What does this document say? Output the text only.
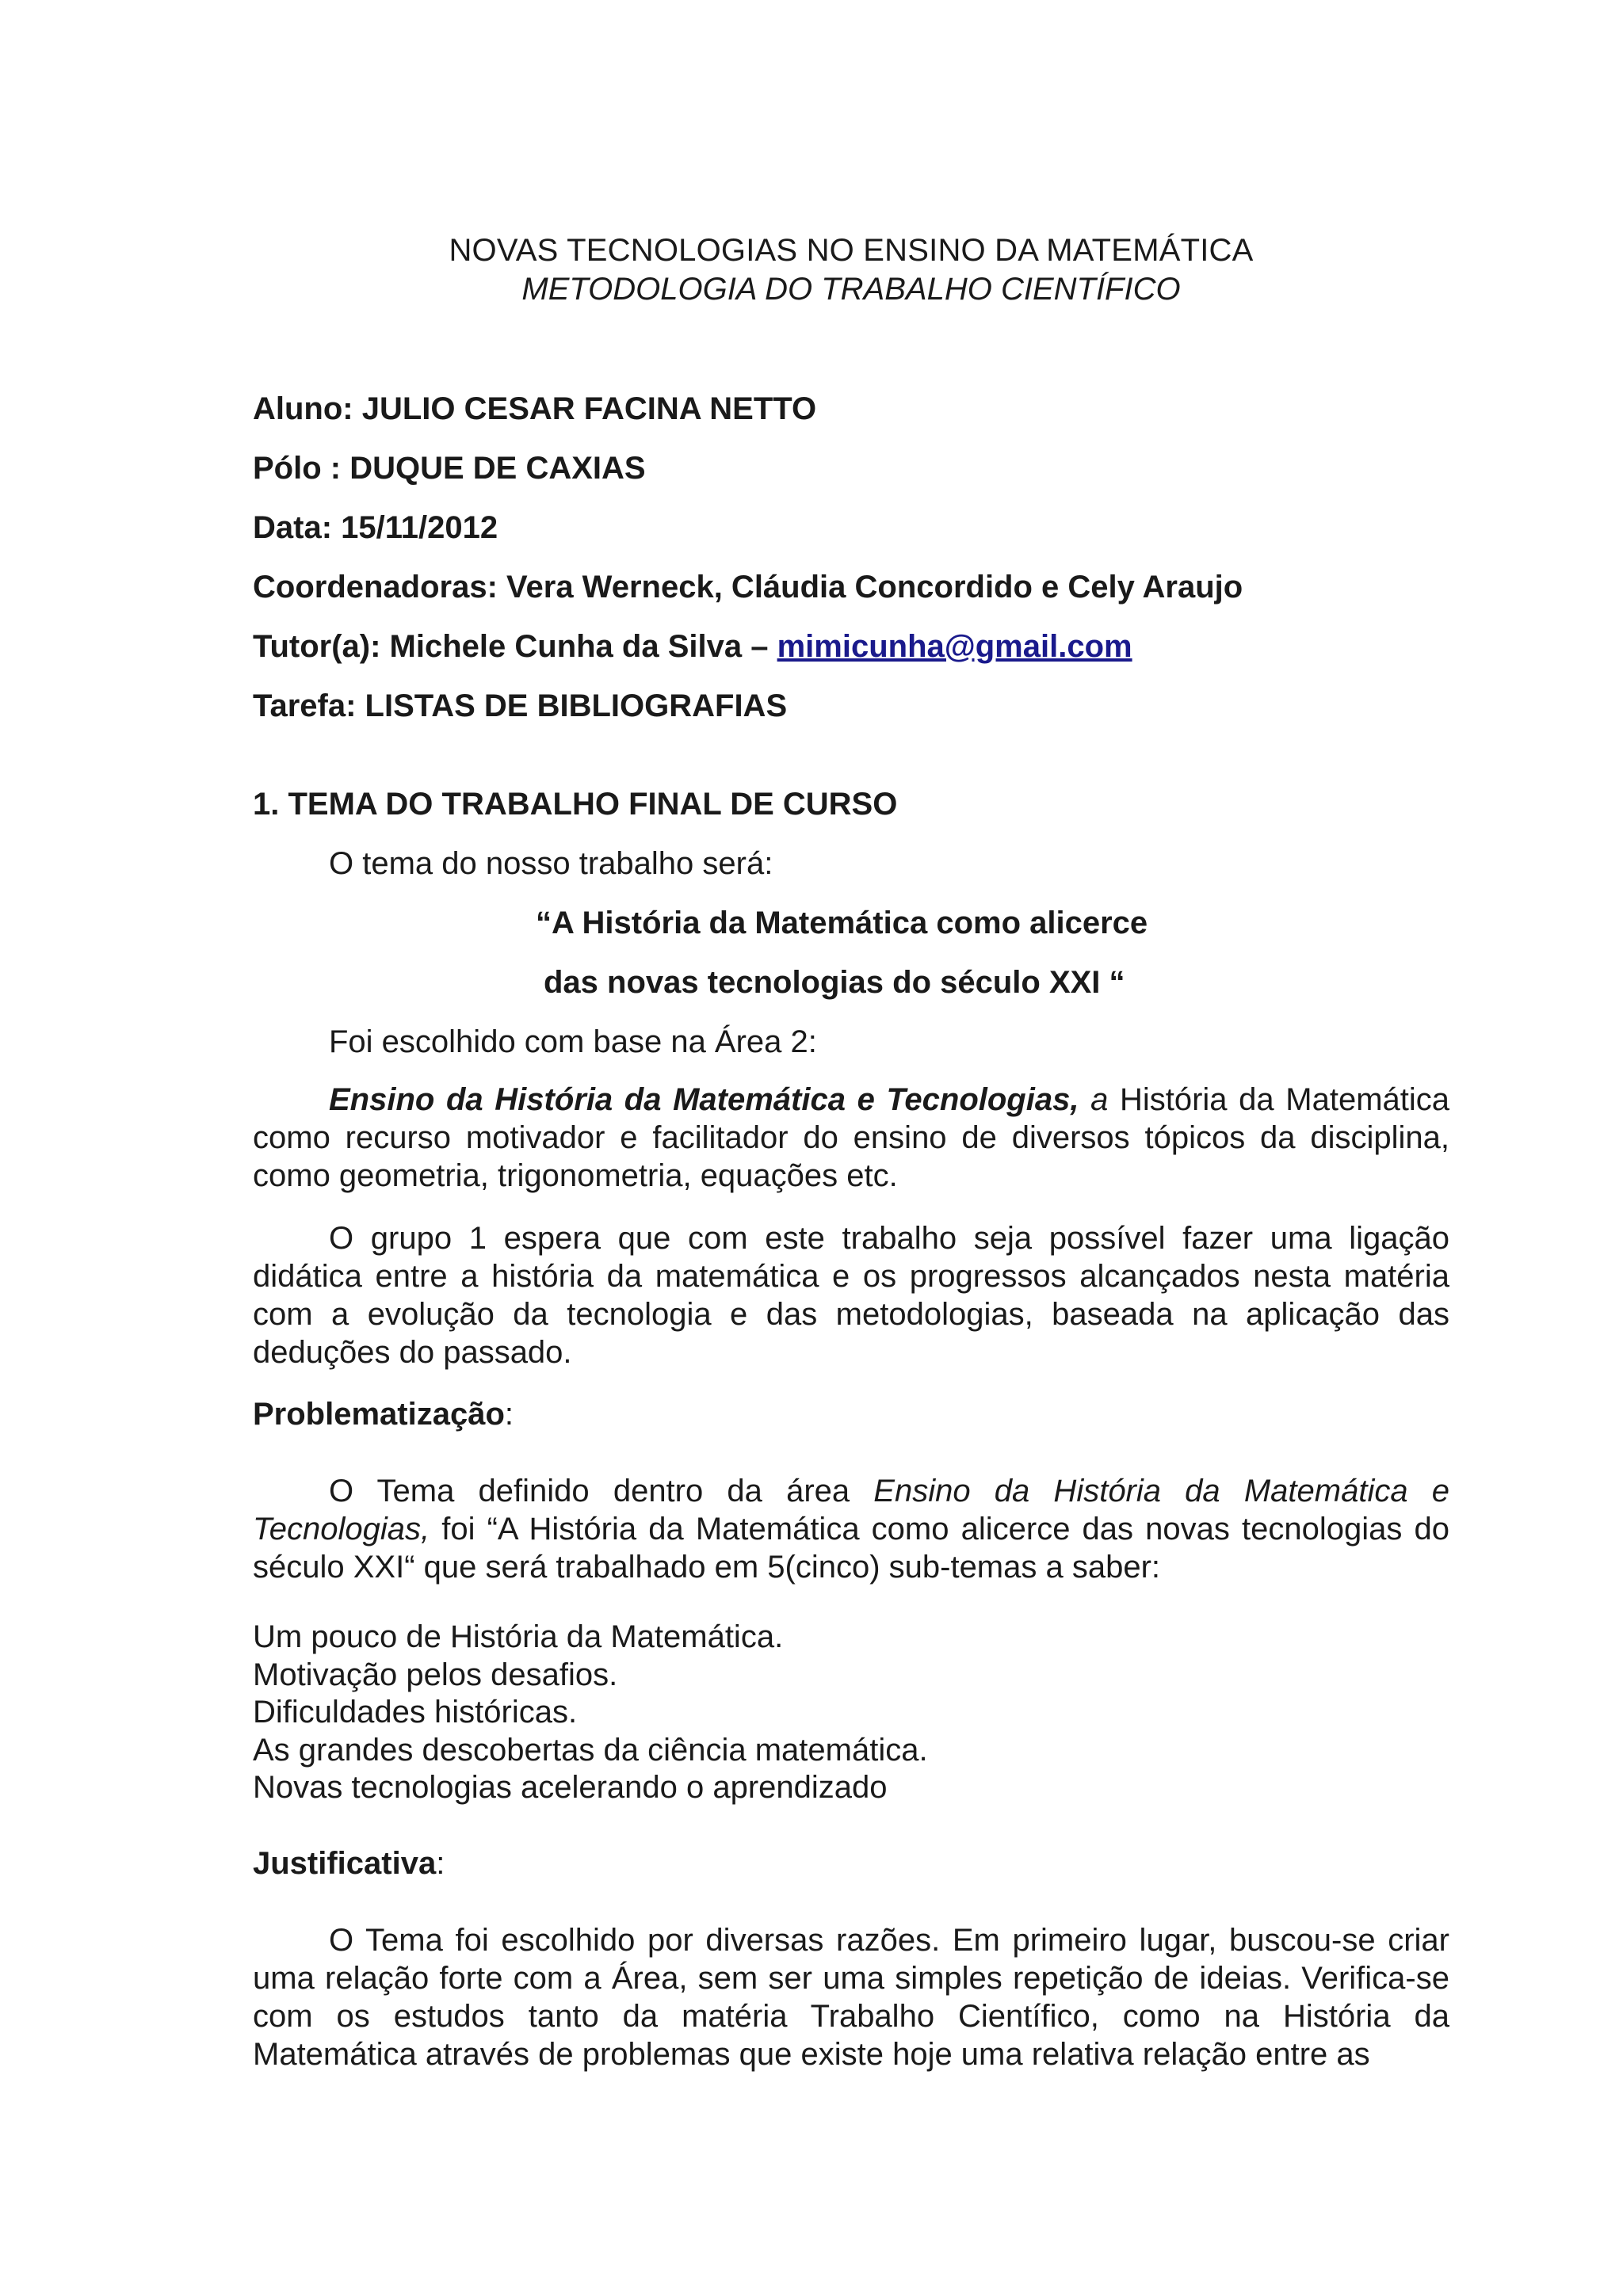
NOVAS TECNOLOGIAS NO ENSINO DA MATEMÁTICA
METODOLOGIA DO TRABALHO CIENTÍFICO
Aluno: JULIO CESAR FACINA NETTO
Pólo : DUQUE DE CAXIAS
Data: 15/11/2012
Coordenadoras: Vera Werneck, Cláudia Concordido e Cely Araujo
Tutor(a): Michele Cunha da Silva – mimicunha@gmail.com
Tarefa: LISTAS DE BIBLIOGRAFIAS
1. TEMA DO TRABALHO FINAL DE CURSO
O tema do nosso trabalho será:
“A História da Matemática como alicerce
das novas tecnologias do século XXI “
Foi escolhido com base na Área 2:
Ensino da História da Matemática e Tecnologias, a História da Matemática como recurso motivador e facilitador do ensino de diversos tópicos da disciplina, como geometria, trigonometria, equações etc.
O grupo 1 espera que com este trabalho seja possível fazer uma ligação didática entre a história da matemática e os progressos alcançados nesta matéria com a evolução da tecnologia e das metodologias, baseada na aplicação das deduções do passado.
Problematização:
O Tema definido dentro da área Ensino da História da Matemática e Tecnologias, foi “A História da Matemática como alicerce das novas tecnologias do século XXI“ que será trabalhado em 5(cinco) sub-temas a saber:
Um pouco de História da Matemática.
Motivação pelos desafios.
Dificuldades históricas.
As grandes descobertas da ciência matemática.
Novas tecnologias acelerando o aprendizado
Justificativa:
O Tema foi escolhido por diversas razões. Em primeiro lugar, buscou-se criar uma relação forte com a Área, sem ser uma simples repetição de ideias. Verifica-se com os estudos tanto da matéria Trabalho Científico, como na História da Matemática através de problemas que existe hoje uma relativa relação entre as
